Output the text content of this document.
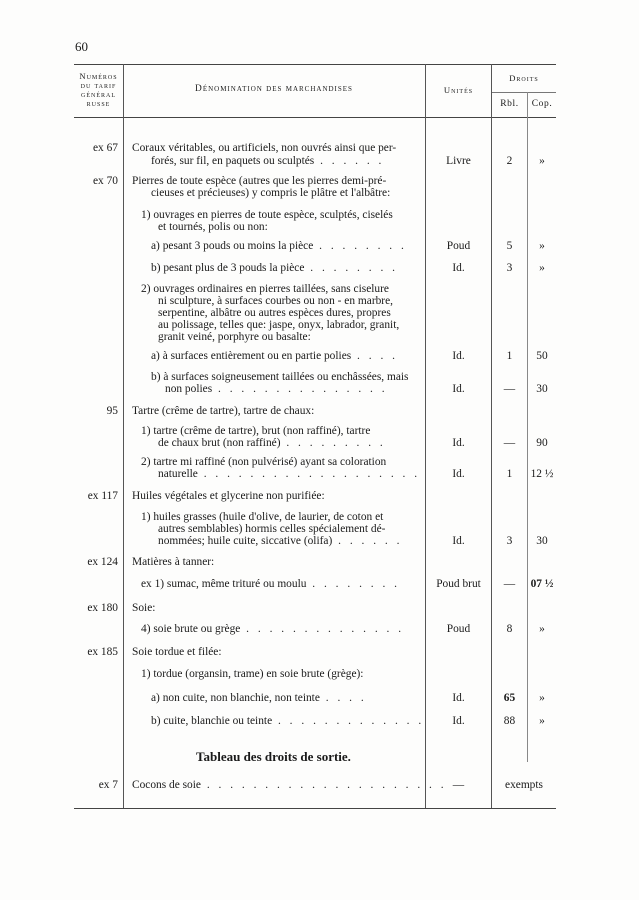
60
Numéros
du tarif
général
russe
Dénomination des marchandises	Unités
Droits
Rbl.	Cop.
ex 67 Coraux véritables, ou artificiels, non ouvrés ainsi que per-
forés, sur fil, en paquets ou sculptés . . . . . .	Livre	2	»
ex 70 Pierres de toute espèce (autres que les pierres demi-pré-
cieuses et précieuses) y compris le plâtre et l'albâtre:
1) ouvrages en pierres de toute espèce, sculptés, ciselés
et tournés, polis ou non:
a) pesant 3 pouds ou moins la pièce . . . . . . . .	Poud	5	»
b) pesant plus de 3 pouds la pièce . . . . . . . .	Id.	3	»
2) ouvrages ordinaires en pierres taillées, sans ciselure
ni sculpture, à surfaces courbes ou non - en marbre,
serpentine, albâtre ou autres espèces dures, propres
au polissage, telles que: jaspe, onyx, labrador, granit,
granit veiné, porphyre ou basalte:
a) à surfaces entièrement ou en partie polies . . . .	Id.	1	50
b) à surfaces soigneusement taillées ou enchâssées, mais
non polies . . . . . . . . . . . . . . .	Id.	—	30
95 Tartre (crême de tartre), tartre de chaux:
1) tartre (crême de tartre), brut (non raffiné), tartre
de chaux brut (non raffiné) . . . . . . . . .	Id.	—	90
2) tartre mi raffiné (non pulvérisé) ayant sa coloration
naturelle . . . . . . . . . . . . . . . . . . .	Id.	1	12 ½
ex 117 Huiles végétales et glycerine non purifiée:
1) huiles grasses (huile d'olive, de laurier, de coton et
autres semblables) hormis celles spécialement dé-
nommées; huile cuite, siccative (olifa) . . . . . .	Id.	3	30
ex 124 Matières à tanner:
ex 1) sumac, même trituré ou moulu . . . . . . . .	Poud brut	—	07 ½
ex 180 Soie:
4) soie brute ou grège . . . . . . . . . . . . . .	Poud	8	»
ex 185 Soie tordue et filée:
1) tordue (organsin, trame) en soie brute (grège):
a) non cuite, non blanchie, non teinte . . . .	Id.	65	»
b) cuite, blanchie ou teinte . . . . . . . . . . . . .	Id.	88	»
Tableau des droits de sortie.
ex 7 Cocons de soie . . . . . . . . . . . . . . . . . . . . . —	exempts
